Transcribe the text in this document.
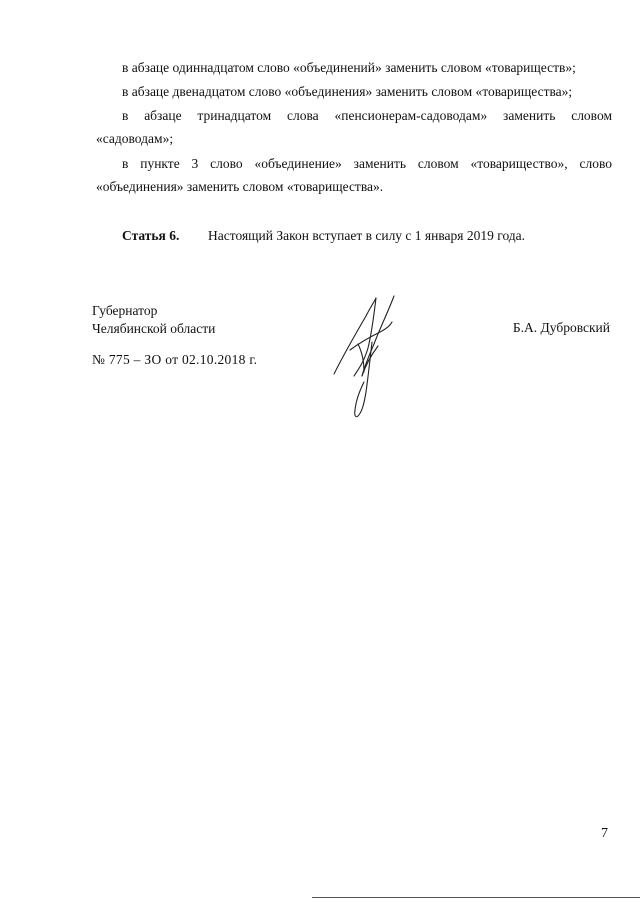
в абзаце одиннадцатом слово «объединений» заменить словом «товариществ»;

в абзаце двенадцатом слово «объединения» заменить словом «товарищества»;

в абзаце тринадцатом слова «пенсионерам-садоводам» заменить словом
«садоводам»;
в пункте 3 слово «объединение» заменить словом «товарищество», слово
«объединения» заменить словом «товарищества».
Статья 6. Настоящий Закон вступает в силу с 1 января 2019 года.
Губернатор
Челябинской области	Б.А. Дубровский
№ 775 – ЗО от 02.10.2018 г.
7
